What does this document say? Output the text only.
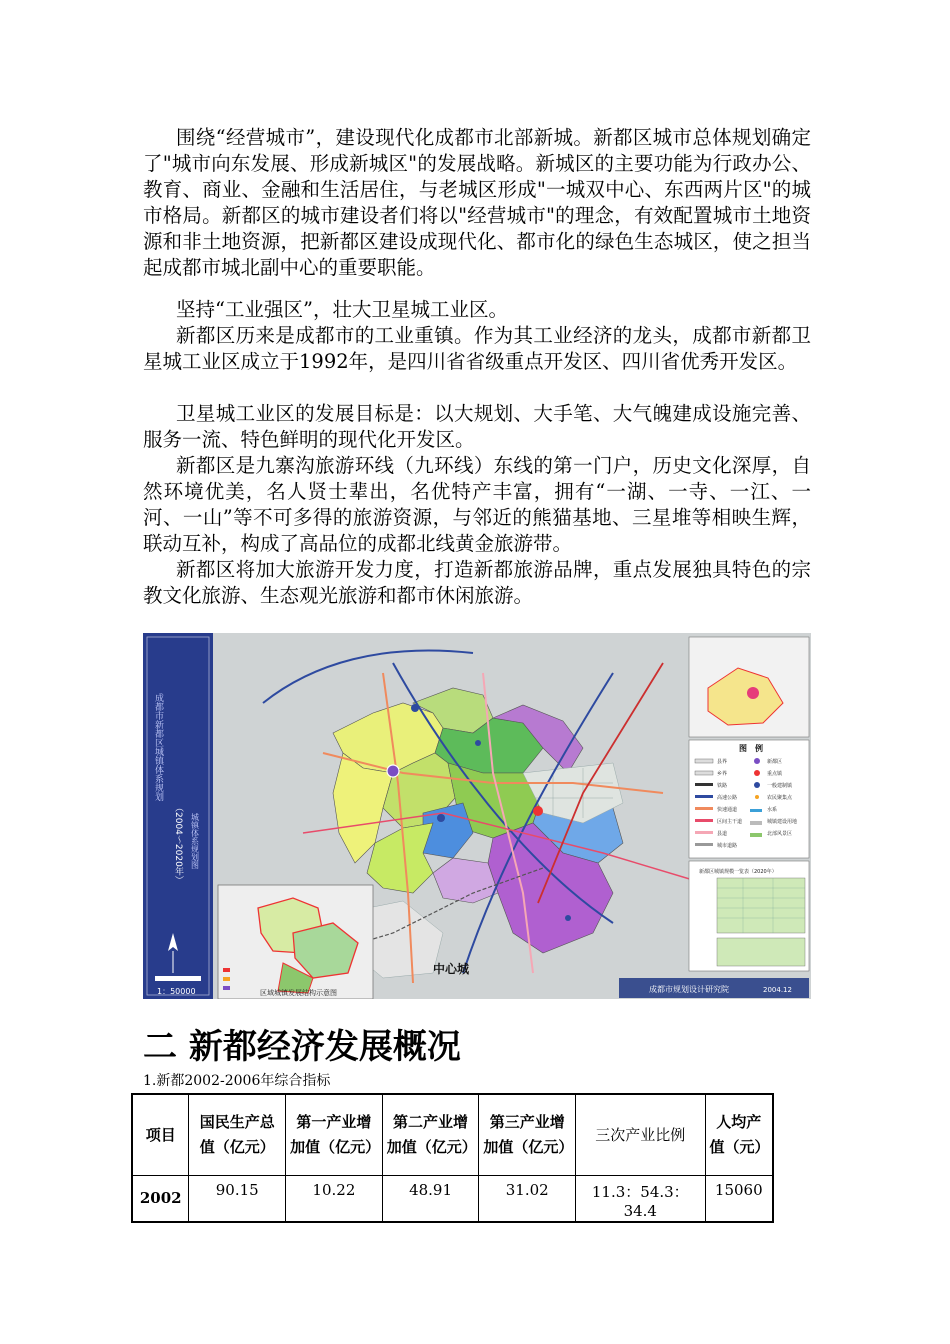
围绕“经营城市”，建设现代化成都市北部新城。新都区城市总体规划确定了"城市向东发展、形成新城区"的发展战略。新城区的主要功能为行政办公、教育、商业、金融和生活居住，与老城区形成"一城双中心、东西两片区"的城市格局。新都区的城市建设者们将以"经营城市"的理念，有效配置城市土地资源和非土地资源，把新都区建设成现代化、都市化的绿色生态城区，使之担当起成都市城北副中心的重要职能。

坚持“工业强区”，壮大卫星城工业区。

新都区历来是成都市的工业重镇。作为其工业经济的龙头，成都市新都卫星城工业区成立于1992年，是四川省省级重点开发区、四川省优秀开发区。

卫星城工业区的发展目标是：以大规划、大手笔、大气魄建成设施完善、服务一流、特色鲜明的现代化开发区。

新都区是九寨沟旅游环线（九环线）东线的第一门户，历史文化深厚，自然环境优美，名人贤士辈出，名优特产丰富，拥有“一湖、一寺、一江、一河、一山”等不可多得的旅游资源，与邻近的熊猫基地、三星堆等相映生辉，联动互补，构成了高品位的成都北线黄金旅游带。

新都区将加大旅游开发力度，打造新都旅游品牌，重点发展独具特色的宗教文化旅游、生态观光旅游和都市休闲旅游。

成都市新都区城镇体系规划
（2004～2020年） 城镇体系规划图
1：50000
中心城
区域城镇发展结构示意图
图　例
县界	新都区
乡界	重点镇
铁路	一般建制镇
高速公路	农民聚集点
快速通道	水系
区间主干道	城镇建设用地
县道	北部风景区
城市道路
新都区城镇规模一览表（2020年）
成都市规划设计研究院	2004.12
二 新都经济发展概况

1.新都2002-2006年综合指标

项目	国民生产总值（亿元）	第一产业增加值（亿元）	第二产业增加值（亿元）	第三产业增加值（亿元）	三次产业比例	人均产值（元）
2002	90.15	10.22	48.91	31.02	11.3：54.3：34.4	15060
